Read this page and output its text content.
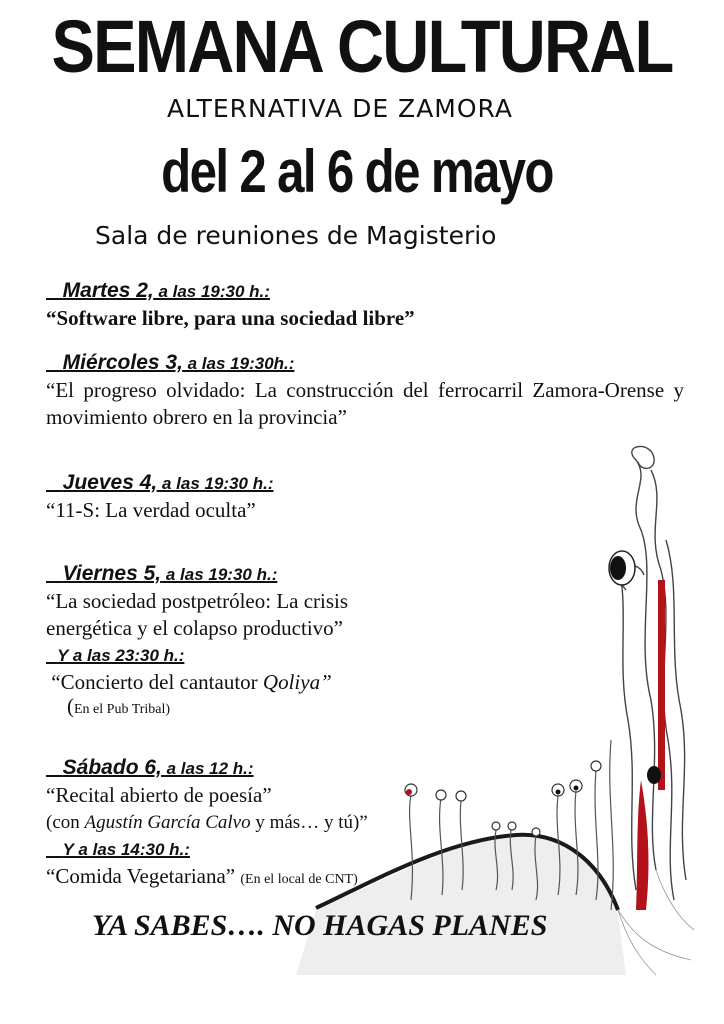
SEMANA CULTURAL
ALTERNATIVA DE ZAMORA
del 2 al 6 de mayo
Sala de reuniones de Magisterio
Martes 2, a las 19:30 h.:
“Software libre, para una sociedad libre”
Miércoles 3, a las 19:30h.:
“El progreso olvidado: La construcción del ferrocarril Zamora-Orense y movimiento obrero en la provincia”
Jueves 4, a las 19:30 h.:
“11-S: La verdad oculta”
Viernes 5, a las 19:30 h.:
“La sociedad postpetróleo: La crisis
energética y el colapso productivo”
Y a las 23:30 h.:
“Concierto del cantautor Qoliya”
(En el Pub Tribal)
Sábado 6, a las 12 h.:
“Recital abierto de poesía”
(con Agustín García Calvo y más… y tú)”
Y a las 14:30 h.:
“Comida Vegetariana” (En el local de CNT)
YA SABES…. NO HAGAS PLANES
